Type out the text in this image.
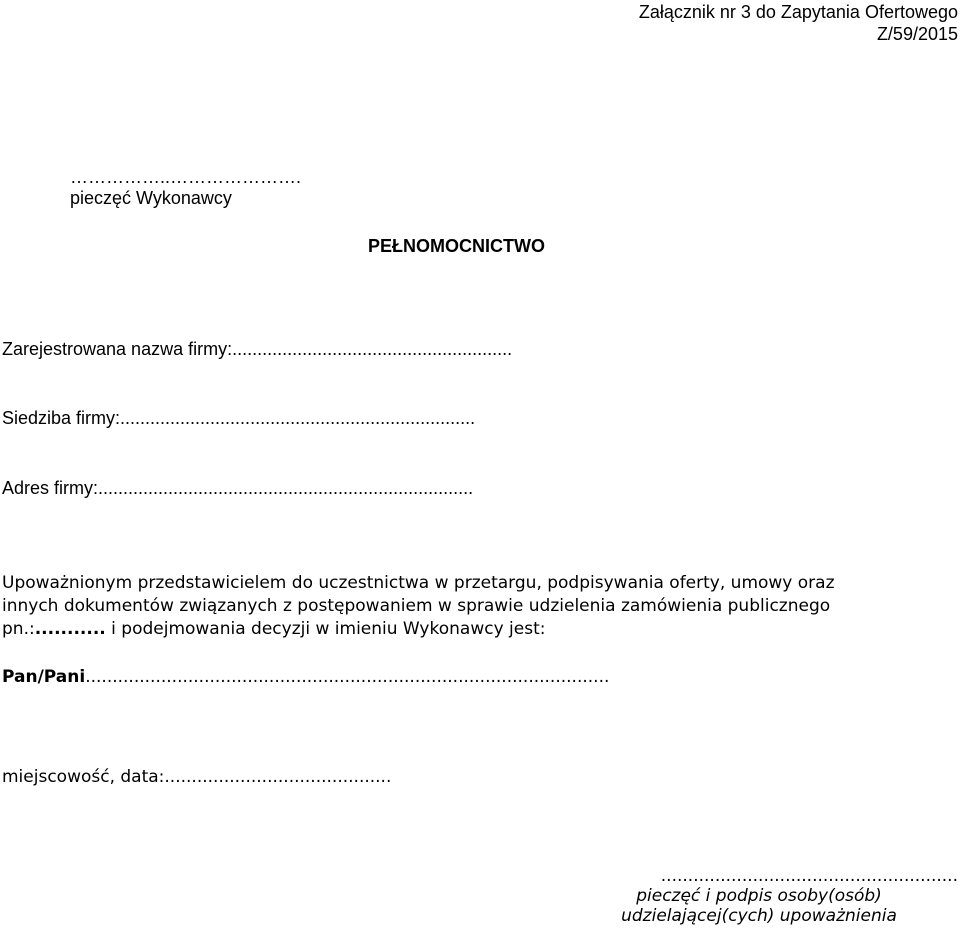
Załącznik nr 3 do Zapytania Ofertowego
Z/59/2015
……………..………………….
pieczęć Wykonawcy
PEŁNOMOCNICTWO
Zarejestrowana nazwa firmy:........................................................
Siedziba firmy:.......................................................................
Adres firmy:...........................................................................
Upoważnionym przedstawicielem do uczestnictwa w przetargu, podpisywania oferty, umowy oraz
innych dokumentów związanych z postępowaniem w sprawie udzielenia zamówienia publicznego
pn.:........... i podejmowania decyzji w imieniu Wykonawcy jest:
Pan/Pani.................................................................................................
miejscowość, data:..........................................
.......................................................
pieczęć i podpis osoby(osób)
udzielającej(cych) upoważnienia
